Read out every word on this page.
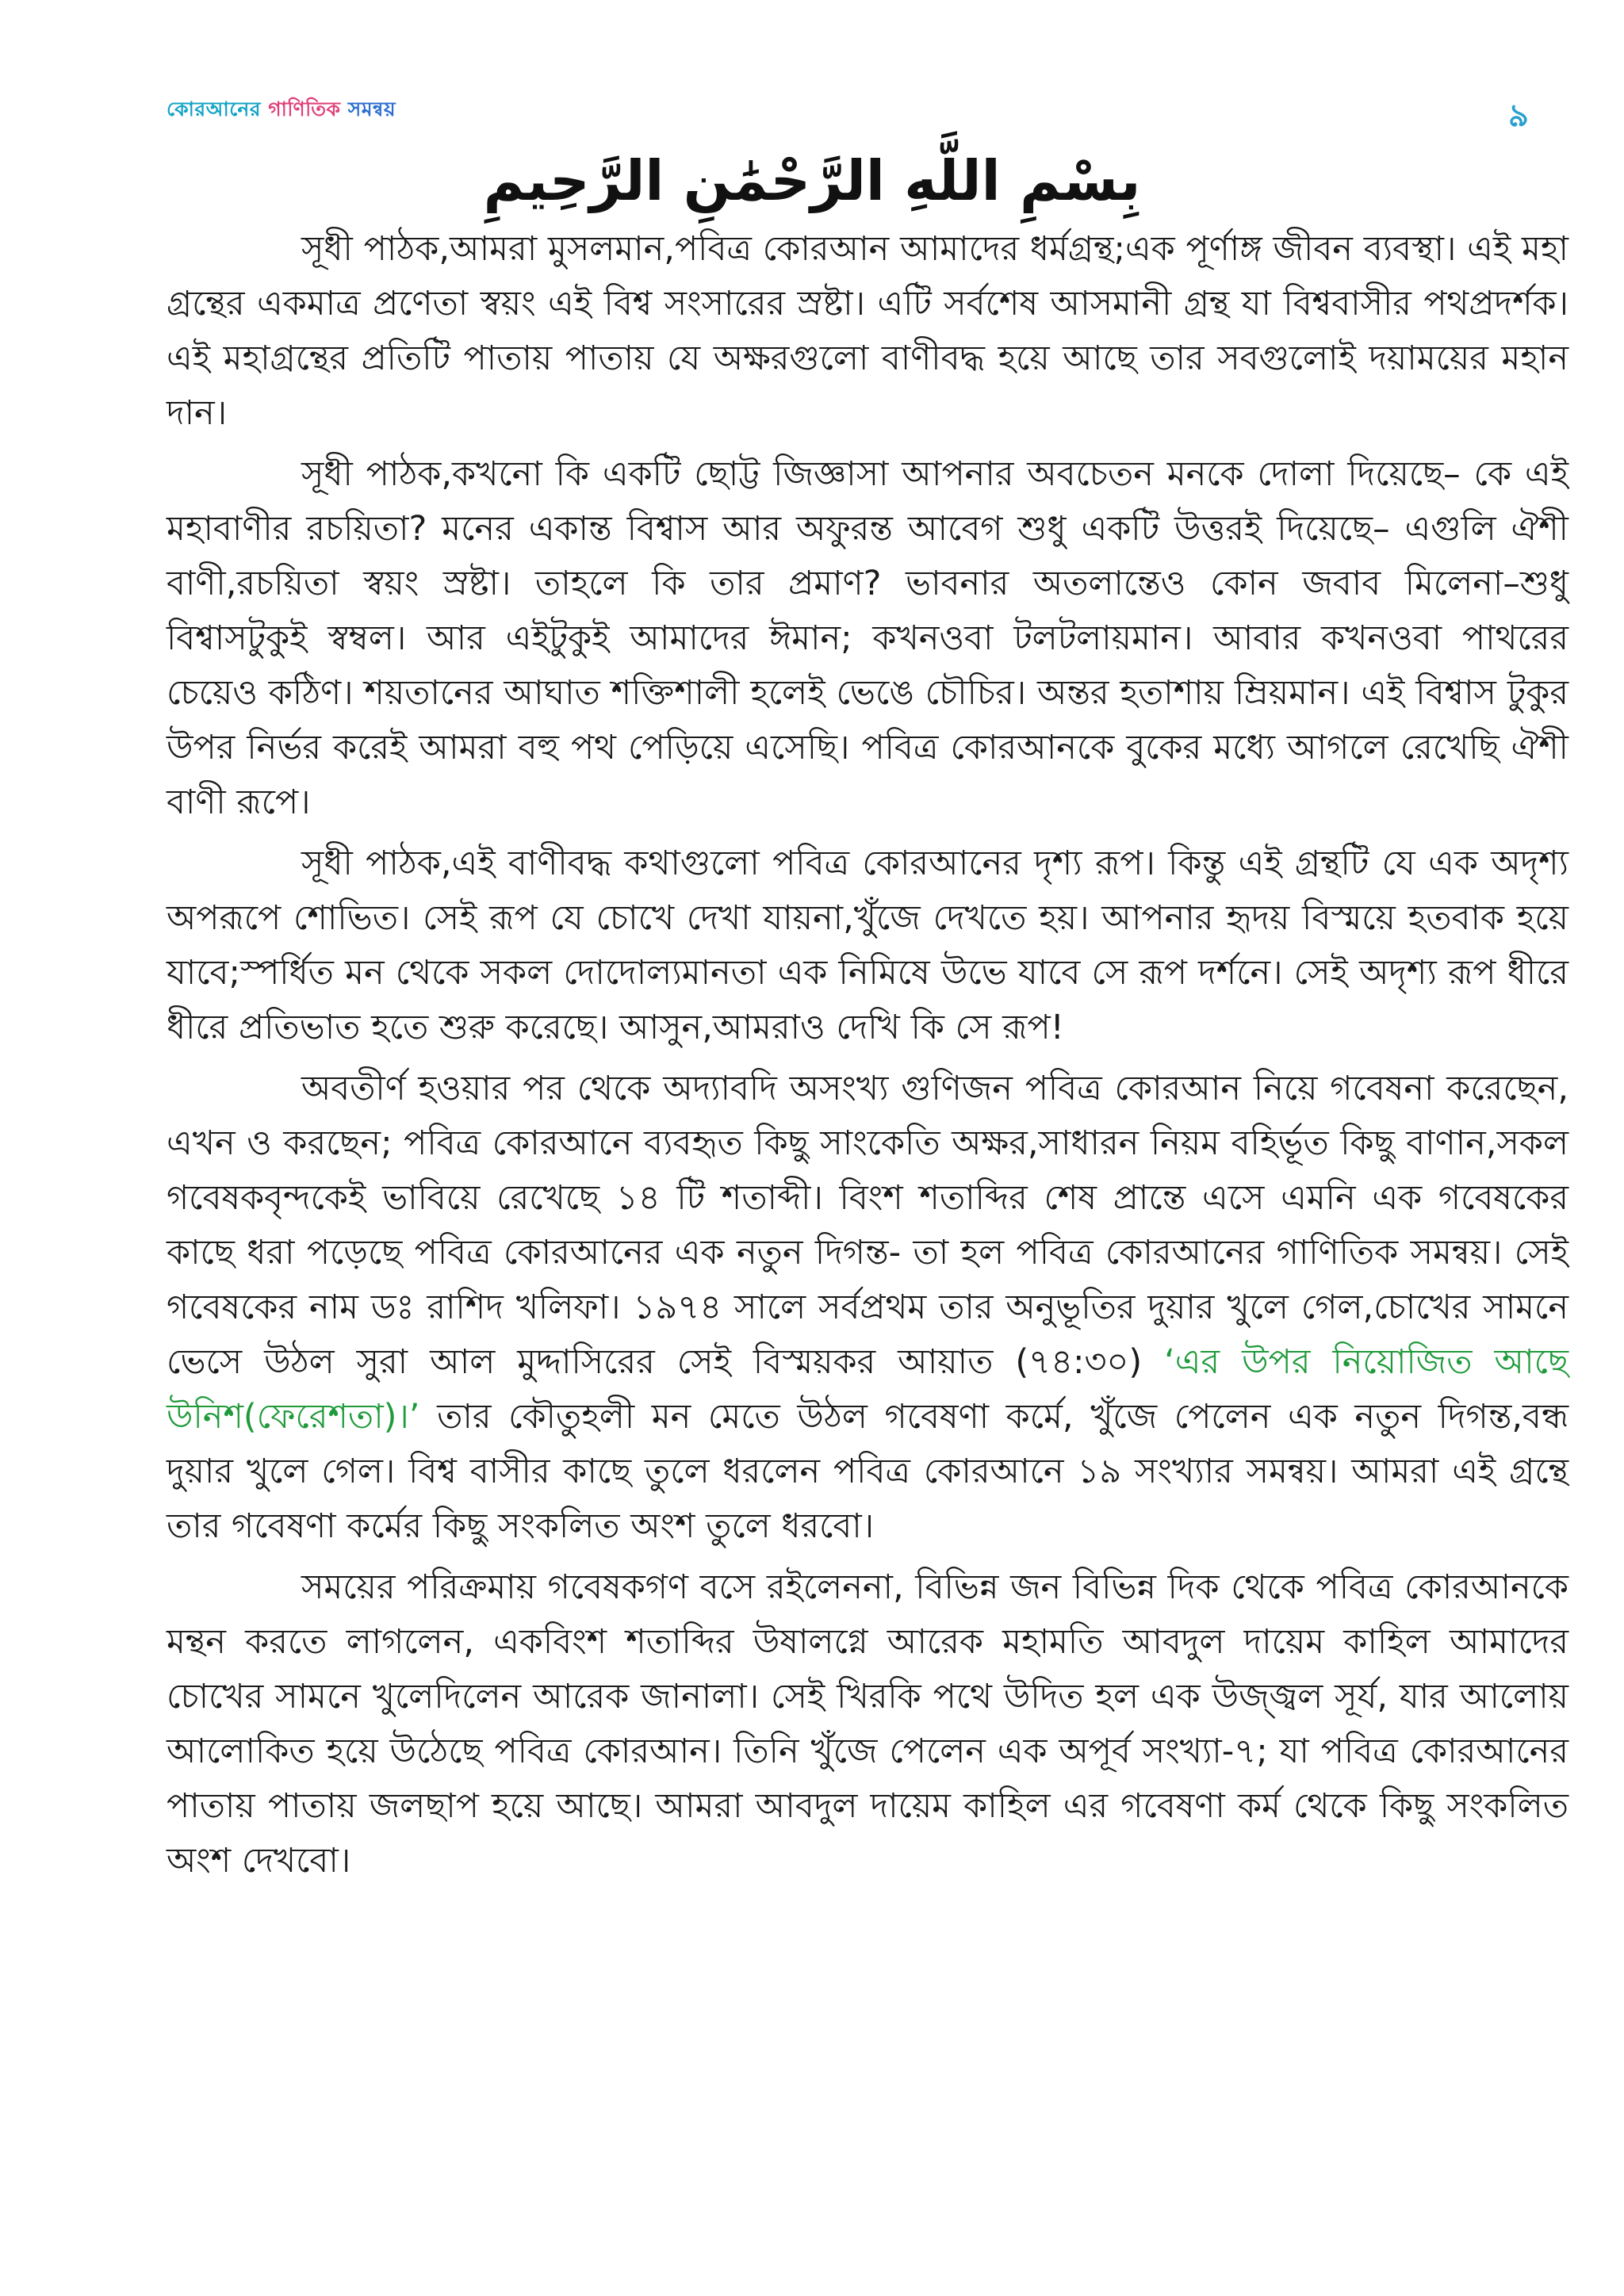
কোরআনের গাণিতিক সমন্বয়	৯
بِسْمِ اللَّهِ الرَّحْمَٰنِ الرَّحِيمِ

সূধী পাঠক,আমরা মুসলমান,পবিত্র কোরআন আমাদের ধর্মগ্রন্থ;এক পূর্ণাঙ্গ জীবন ব্যবস্থা। এই মহা গ্রন্থের একমাত্র প্রণেতা স্বয়ং এই বিশ্ব সংসারের স্রষ্টা। এটি সর্বশেষ আসমানী গ্রন্থ যা বিশ্ববাসীর পথপ্রদর্শক। এই মহাগ্রন্থের প্রতিটি পাতায় পাতায় যে অক্ষরগুলো বাণীবদ্ধ হয়ে আছে তার সবগুলোই দয়াময়ের মহান দান।

সূধী পাঠক,কখনো কি একটি ছোট্ট জিজ্ঞাসা আপনার অবচেতন মনকে দোলা দিয়েছে– কে এই মহাবাণীর রচয়িতা? মনের একান্ত বিশ্বাস আর অফুরন্ত আবেগ শুধু একটি উত্তরই দিয়েছে– এগুলি ঐশী বাণী,রচয়িতা স্বয়ং স্রষ্টা। তাহলে কি তার প্রমাণ? ভাবনার অতলান্তেও কোন জবাব মিলেনা–শুধু বিশ্বাসটুকুই স্বম্বল। আর এইটুকুই আমাদের ঈমান; কখনওবা টলটলায়মান। আবার কখনওবা পাথরের চেয়েও কঠিণ। শয়তানের আঘাত শক্তিশালী হলেই ভেঙে চৌচির। অন্তর হতাশায় ম্রিয়মান। এই বিশ্বাস টুকুর উপর নির্ভর করেই আমরা বহু পথ পেড়িয়ে এসেছি। পবিত্র কোরআনকে বুকের মধ্যে আগলে রেখেছি ঐশী বাণী রূপে।

সূধী পাঠক,এই বাণীবদ্ধ কথাগুলো পবিত্র কোরআনের দৃশ্য রূপ। কিন্তু এই গ্রন্থটি যে এক অদৃশ্য অপরূপে শোভিত। সেই রূপ যে চোখে দেখা যায়না,খুঁজে দেখতে হয়। আপনার হৃদয় বিস্ময়ে হতবাক হয়ে যাবে;স্পর্ধিত মন থেকে সকল দোদোল্যমানতা এক নিমিষে উভে যাবে সে রূপ দর্শনে। সেই অদৃশ্য রূপ ধীরে ধীরে প্রতিভাত হতে শুরু করেছে। আসুন,আমরাও দেখি কি সে রূপ!

অবতীর্ণ হওয়ার পর থেকে অদ্যাবদি অসংখ্য গুণিজন পবিত্র কোরআন নিয়ে গবেষনা করেছেন, এখন ও করছেন; পবিত্র কোরআনে ব্যবহৃত কিছু সাংকেতি অক্ষর,সাধারন নিয়ম বহির্ভূত কিছু বাণান,সকল গবেষকবৃন্দকেই ভাবিয়ে রেখেছে ১৪ টি শতাব্দী। বিংশ শতাব্দির শেষ প্রান্তে এসে এমনি এক গবেষকের কাছে ধরা পড়েছে পবিত্র কোরআনের এক নতুন দিগন্ত- তা হল পবিত্র কোরআনের গাণিতিক সমন্বয়। সেই গবেষকের নাম ডঃ রাশিদ খলিফা। ১৯৭৪ সালে সর্বপ্রথম তার অনুভূতির দুয়ার খুলে গেল,চোখের সামনে ভেসে উঠল সুরা আল মুদ্দাসিরের সেই বিস্ময়কর আয়াত (৭৪:৩০) ‘এর উপর নিয়োজিত আছে উনিশ(ফেরেশতা)।’ তার কৌতুহলী মন মেতে উঠল গবেষণা কর্মে, খুঁজে পেলেন এক নতুন দিগন্ত,বন্ধ দুয়ার খুলে গেল। বিশ্ব বাসীর কাছে তুলে ধরলেন পবিত্র কোরআনে ১৯ সংখ্যার সমন্বয়। আমরা এই গ্রন্থে তার গবেষণা কর্মের কিছু সংকলিত অংশ তুলে ধরবো।

সময়ের পরিক্রমায় গবেষকগণ বসে রইলেননা, বিভিন্ন জন বিভিন্ন দিক থেকে পবিত্র কোরআনকে মন্থন করতে লাগলেন, একবিংশ শতাব্দির উষালগ্নে আরেক মহামতি আবদুল দায়েম কাহিল আমাদের চোখের সামনে খুলেদিলেন আরেক জানালা। সেই খিরকি পথে উদিত হল এক উজ্জ্বল সূর্য, যার আলোয় আলোকিত হয়ে উঠেছে পবিত্র কোরআন। তিনি খুঁজে পেলেন এক অপূর্ব সংখ্যা-৭; যা পবিত্র কোরআনের পাতায় পাতায় জলছাপ হয়ে আছে। আমরা আবদুল দায়েম কাহিল এর গবেষণা কর্ম থেকে কিছু সংকলিত অংশ দেখবো।
